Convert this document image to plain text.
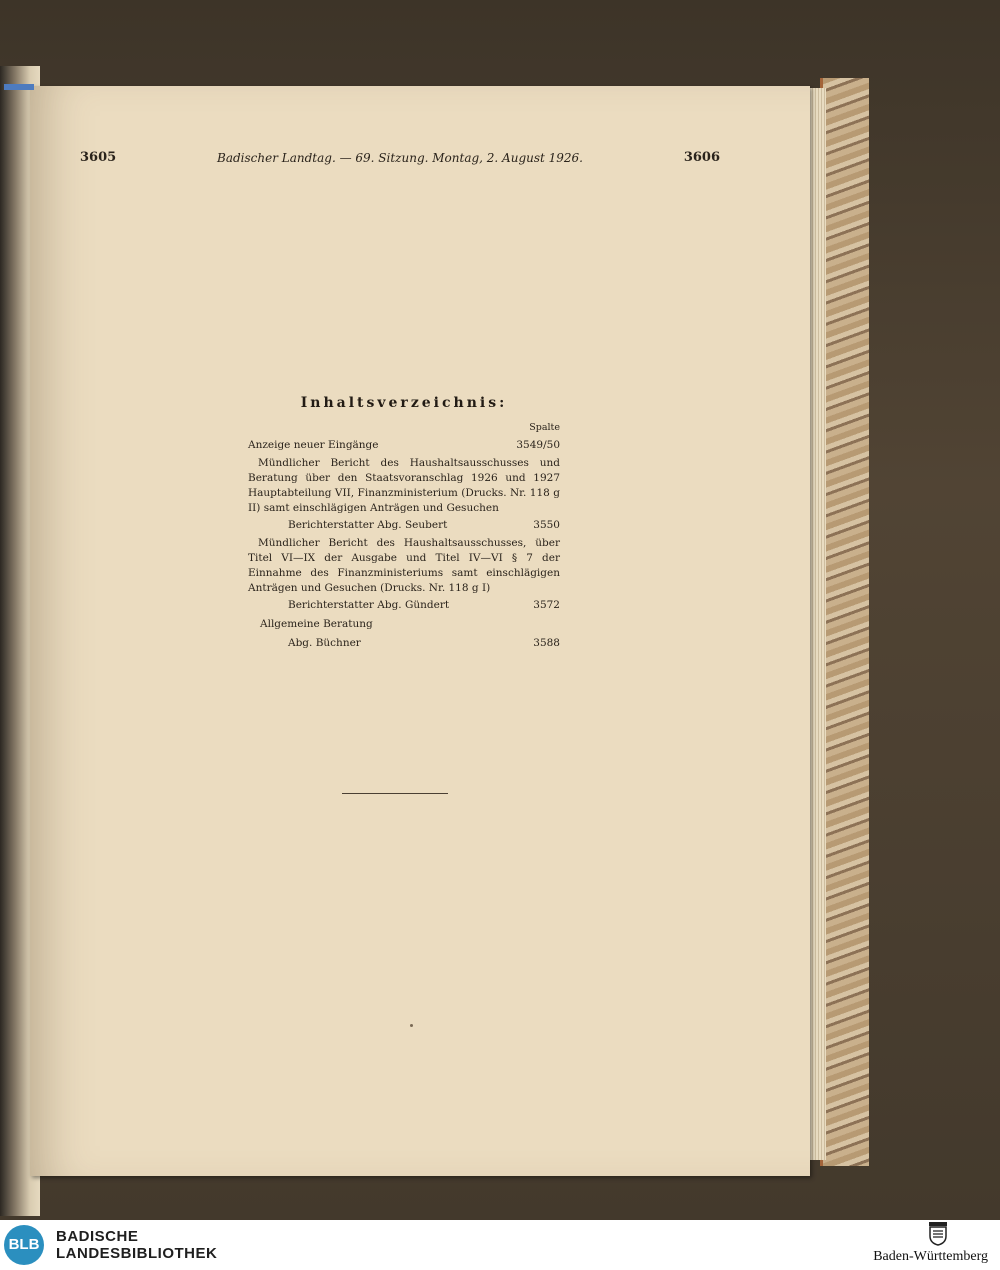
3605	Badischer Landtag. — 69. Sitzung. Montag, 2. August 1926.	3606
Inhaltsverzeichnis:
Spalte
Anzeige neuer Eingänge	3549/50
Mündlicher Bericht des Haushaltsausschusses und Beratung über den Staatsvoranschlag 1926 und 1927 Hauptabteilung VII, Finanzministerium (Drucks. Nr. 118 g II) samt einschlägigen Anträgen und Gesuchen
Berichterstatter Abg. Seubert	3550
Mündlicher Bericht des Haushaltsausschusses, über Titel VI—IX der Ausgabe und Titel IV—VI § 7 der Einnahme des Finanzministeriums samt einschlägigen Anträgen und Gesuchen (Drucks. Nr. 118 g I)
Berichterstatter Abg. Gündert	3572
Allgemeine Beratung
Abg. Büchner	3588
BLB	BADISCHE
LANDESBIBLIOTHEK	Baden-Württemberg
